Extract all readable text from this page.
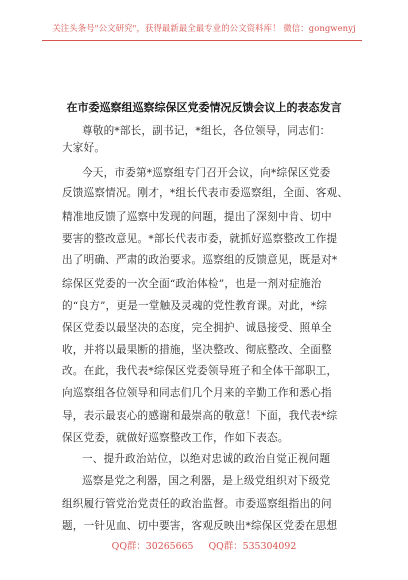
关注头条号"公文研究"，获得最新最全最专业的公文资料库！ 微信：gongwenyj
在市委巡察组巡察综保区党委情况反馈会议上的表态发言
尊敬的*部长，副书记，*组长，各位领导，同志们：
大家好。
今天，市委第*巡察组专门召开会议，向*综保区党委
反馈巡察情况。刚才，*组长代表市委巡察组，全面、客观、
精准地反馈了巡察中发现的问题，提出了深刻中肯、切中
要害的整改意见。*部长代表市委，就抓好巡察整改工作提
出了明确、严肃的政治要求。巡察组的反馈意见，既是对*
综保区党委的一次全面“政治体检”，也是一剂对症施治
的“良方”，更是一堂触及灵魂的党性教育课。对此，*综
保区党委以最坚决的态度，完全拥护、诚恳接受、照单全
收，并将以最果断的措施，坚决整改、彻底整改、全面整
改。在此，我代表*综保区党委领导班子和全体干部职工，
向巡察组各位领导和同志们几个月来的辛勤工作和悉心指
导，表示最衷心的感谢和最崇高的敬意！下面，我代表*综
保区党委，就做好巡察整改工作，作如下表态。
一、提升政治站位，以绝对忠诚的政治自觉正视问题
巡察是党之利器，国之利器，是上级党组织对下级党
组织履行管党治党责任的政治监督。市委巡察组指出的问
题，一针见血、切中要害，客观反映出*综保区党委在思想
QQ群：30265665 QQ群：535304092
